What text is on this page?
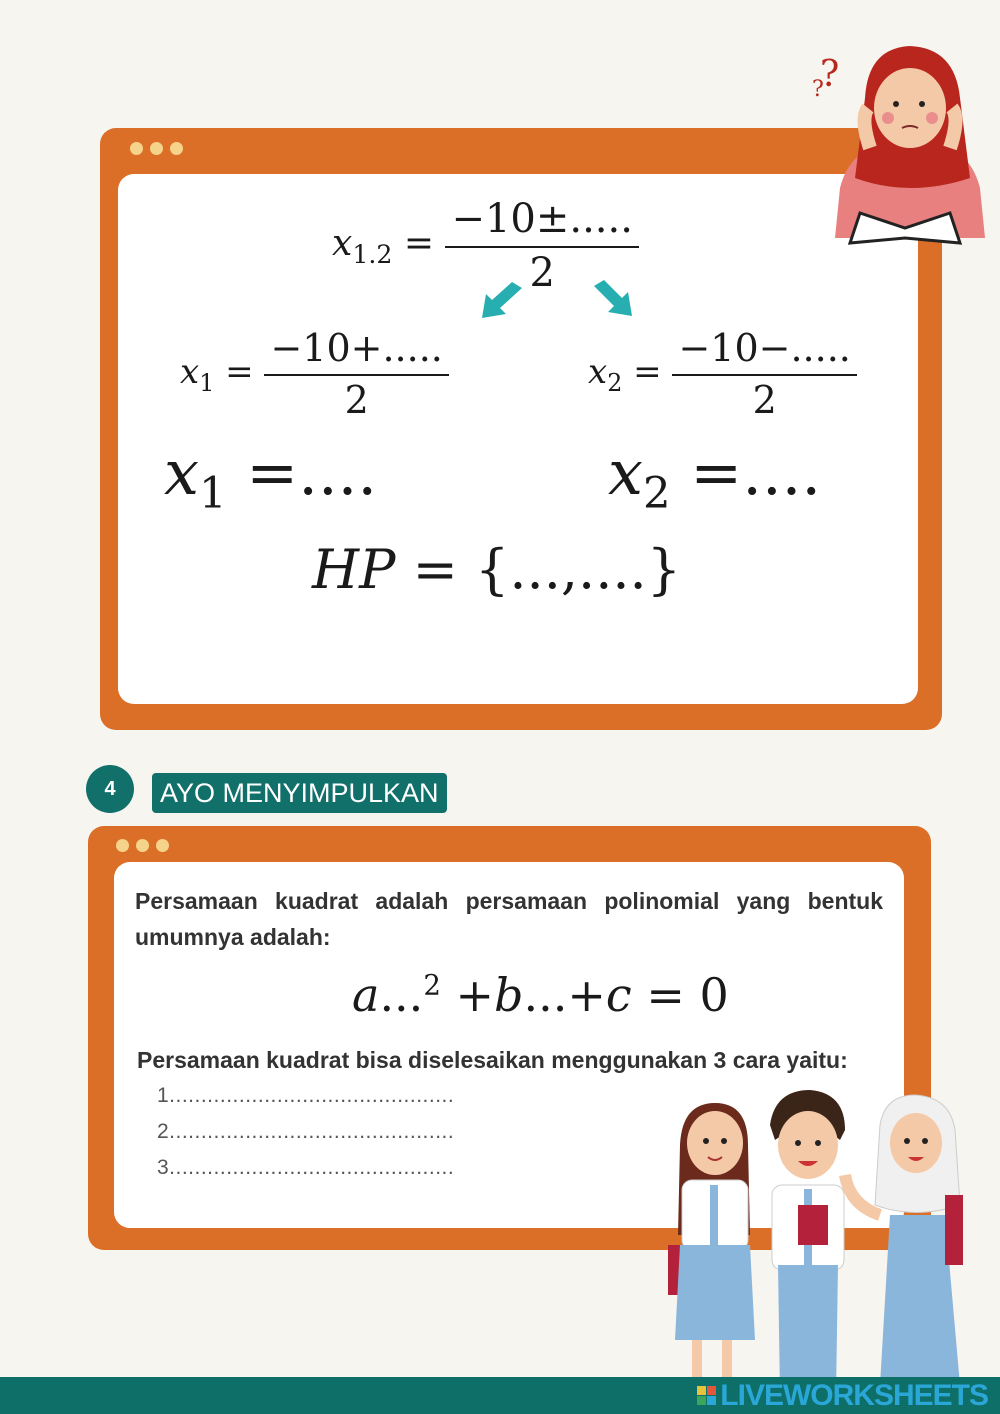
$x_{1.2} = \frac{-10\pm.....}{2}$
$x_1 = \frac{-10+.....}{2}$	$x_2 = \frac{-10-.....}{2}$
$x_1$ =....	$x_2$ =....
HP = {...,....}
?
?
4	AYO MENYIMPULKAN
Persamaan kuadrat adalah persamaan polinomial yang bentuk umumnya adalah:
a...$^2$ +b...+c = 0
Persamaan kuadrat bisa diselesaikan menggunakan 3 cara yaitu:
1.............................................
2.............................................
3.............................................
LIVEWORKSHEETS
